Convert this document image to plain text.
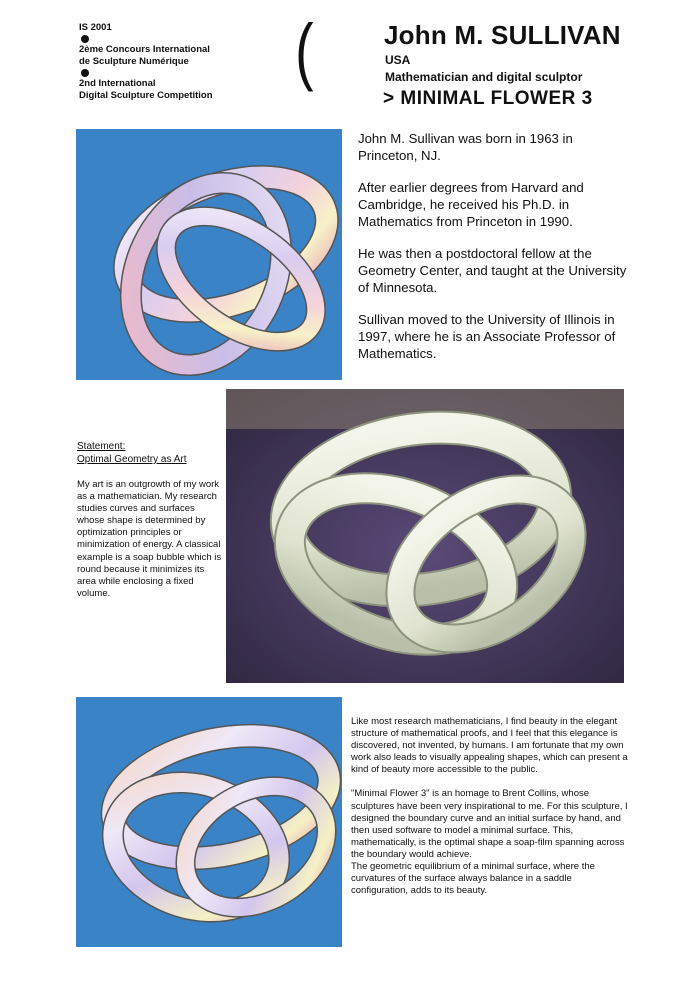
IS 2001
2ème Concours International
de Sculpture Numérique
2nd International
Digital Sculpture Competition
(	John M. SULLIVAN
USA
Mathematician and digital sculptor
> MINIMAL FLOWER 3

John M. Sullivan was born in 1963 in Princeton, NJ.

After earlier degrees from Harvard and Cambridge, he received his Ph.D. in Mathematics from Princeton in 1990.

He was then a postdoctoral fellow at the Geometry Center, and taught at the University of Minnesota.

Sullivan moved to the University of Illinois in 1997, where he is an Associate Professor of Mathematics.

Statement:
Optimal Geometry as Art
My art is an outgrowth of my work as a mathematician. My research studies curves and surfaces whose shape is determined by optimization principles or minimization of energy. A classical example is a soap bubble which is round because it minimizes its area while enclosing a fixed volume.

Like most research mathematicians, I find beauty in the elegant structure of mathematical proofs, and I feel that this elegance is discovered, not invented, by humans. I am fortunate that my own work also leads to visually appealing shapes, which can present a kind of beauty more accessible to the public.

"Minimal Flower 3" is an homage to Brent Collins, whose sculptures have been very inspirational to me. For this sculpture, I designed the boundary curve and an initial surface by hand, and then used software to model a minimal surface. This, mathematically, is the optimal shape a soap-film spanning across the boundary would achieve.

The geometric equilibrium of a minimal surface, where the curvatures of the surface always balance in a saddle configuration, adds to its beauty.
